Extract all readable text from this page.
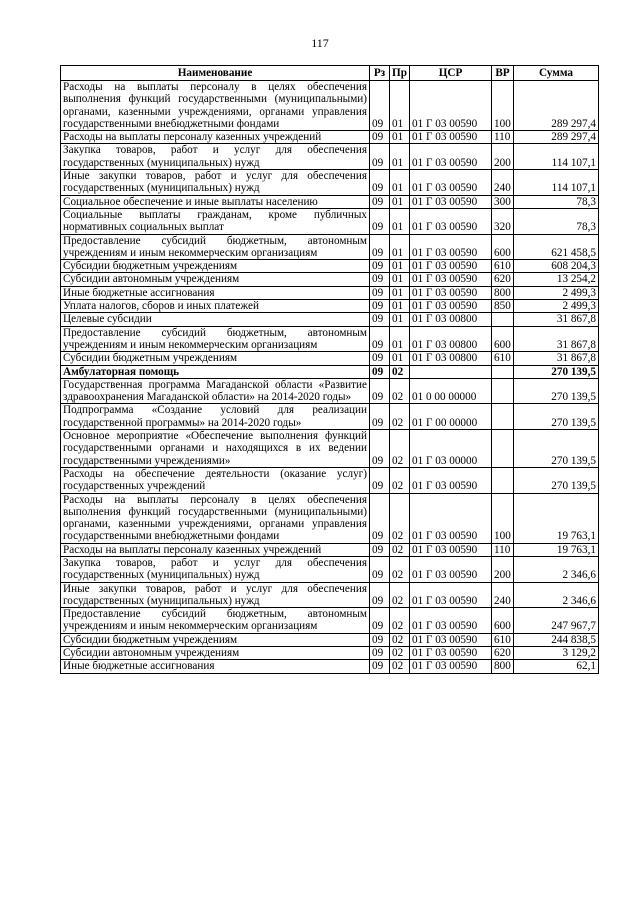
117
Наименование	Рз	Пр	ЦСР	ВР	Сумма
Расходы на выплаты персоналу в целях обеспечения выполнения функций государственными (муниципальными) органами, казенными учреждениями, органами управления государственными внебюджетными фондами	09	01	01 Г 03 00590	100	289 297,4
Расходы на выплаты персоналу казенных учреждений	09	01	01 Г 03 00590	110	289 297,4
Закупка товаров, работ и услуг для обеспечения государственных (муниципальных) нужд	09	01	01 Г 03 00590	200	114 107,1
Иные закупки товаров, работ и услуг для обеспечения государственных (муниципальных) нужд	09	01	01 Г 03 00590	240	114 107,1
Социальное обеспечение и иные выплаты населению	09	01	01 Г 03 00590	300	78,3
Социальные выплаты гражданам, кроме публичных нормативных социальных выплат	09	01	01 Г 03 00590	320	78,3
Предоставление субсидий бюджетным, автономным учреждениям и иным некоммерческим организациям	09	01	01 Г 03 00590	600	621 458,5
Субсидии бюджетным учреждениям	09	01	01 Г 03 00590	610	608 204,3
Субсидии автономным учреждениям	09	01	01 Г 03 00590	620	13 254,2
Иные бюджетные ассигнования	09	01	01 Г 03 00590	800	2 499,3
Уплата налогов, сборов и иных платежей	09	01	01 Г 03 00590	850	2 499,3
Целевые субсидии	09	01	01 Г 03 00800		31 867,8
Предоставление субсидий бюджетным, автономным учреждениям и иным некоммерческим организациям	09	01	01 Г 03 00800	600	31 867,8
Субсидии бюджетным учреждениям	09	01	01 Г 03 00800	610	31 867,8
Амбулаторная помощь	09	02			270 139,5
Государственная программа Магаданской области «Развитие здравоохранения Магаданской области» на 2014-2020 годы»	09	02	01 0 00 00000		270 139,5
Подпрограмма «Создание условий для реализации государственной программы» на 2014-2020 годы»	09	02	01 Г 00 00000		270 139,5
Основное мероприятие «Обеспечение выполнения функций государственными органами и находящихся в их ведении государственными учреждениями»	09	02	01 Г 03 00000		270 139,5
Расходы на обеспечение деятельности (оказание услуг) государственных учреждений	09	02	01 Г 03 00590		270 139,5
Расходы на выплаты персоналу в целях обеспечения выполнения функций государственными (муниципальными) органами, казенными учреждениями, органами управления государственными внебюджетными фондами	09	02	01 Г 03 00590	100	19 763,1
Расходы на выплаты персоналу казенных учреждений	09	02	01 Г 03 00590	110	19 763,1
Закупка товаров, работ и услуг для обеспечения государственных (муниципальных) нужд	09	02	01 Г 03 00590	200	2 346,6
Иные закупки товаров, работ и услуг для обеспечения государственных (муниципальных) нужд	09	02	01 Г 03 00590	240	2 346,6
Предоставление субсидий бюджетным, автономным учреждениям и иным некоммерческим организациям	09	02	01 Г 03 00590	600	247 967,7
Субсидии бюджетным учреждениям	09	02	01 Г 03 00590	610	244 838,5
Субсидии автономным учреждениям	09	02	01 Г 03 00590	620	3 129,2
Иные бюджетные ассигнования	09	02	01 Г 03 00590	800	62,1
